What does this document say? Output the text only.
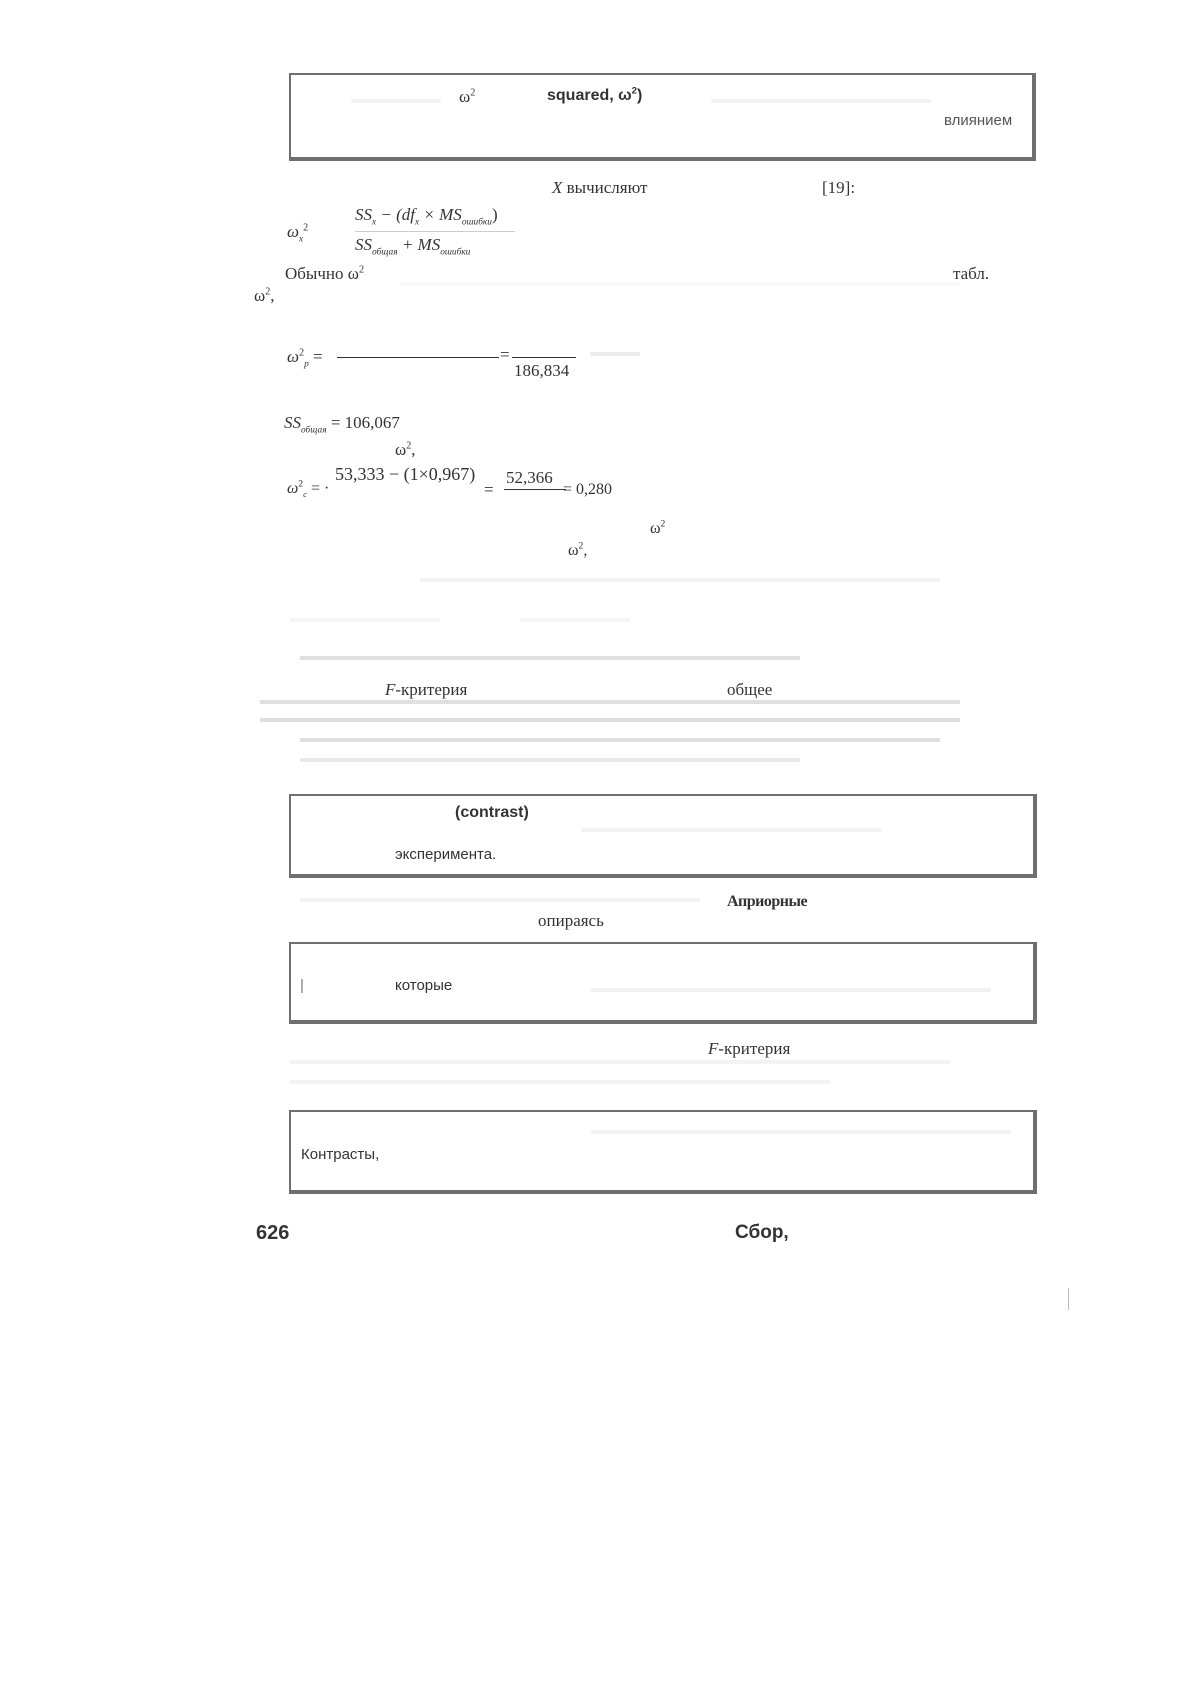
$\omega^2$	squared, $\omega^2$)
влиянием
X вычисляют	[19]:
$\omega_x^2$
$SS_x - (df_x \times MS_{ошибки})$
$SS_{общая} + MS_{ошибки}$
Обычно $\omega^2$	табл.
$\omega^2$,
$\omega^2_p$ =	=
186,834
$SS_{общая} = 106,067$
$\omega^2$,
$\omega^2_c$ = ·
53,333 − (1×0,967)
=
52,366
= 0,280
$\omega^2$
$\omega^2$,
F-критерия	общее
(contrast)
эксперимента.
Априорные
опираясь
|	которые
F-критерия
Контрасты,
626	Сбор,
